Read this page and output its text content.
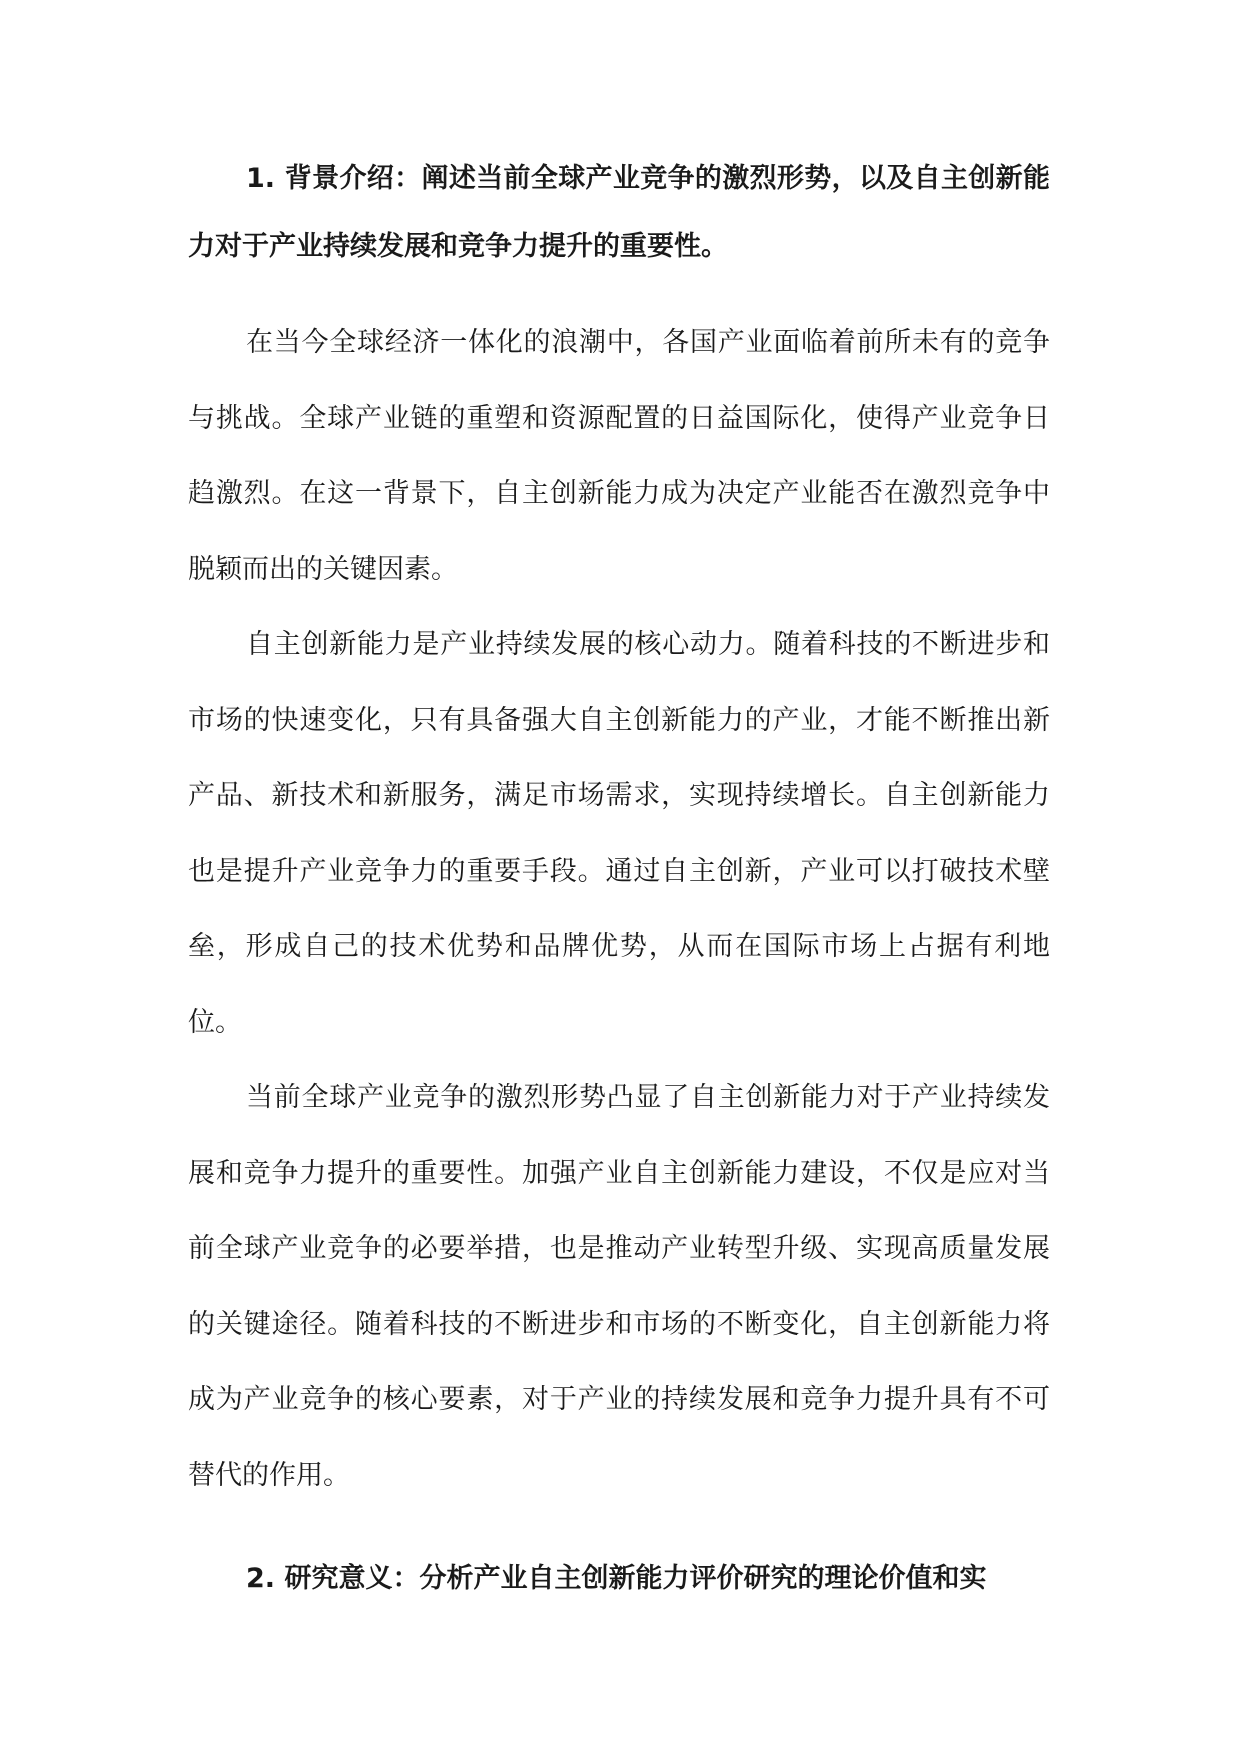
1. 背景介绍：阐述当前全球产业竞争的激烈形势，以及自主创新能力对于产业持续发展和竞争力提升的重要性。

在当今全球经济一体化的浪潮中，各国产业面临着前所未有的竞争与挑战。全球产业链的重塑和资源配置的日益国际化，使得产业竞争日趋激烈。在这一背景下，自主创新能力成为决定产业能否在激烈竞争中脱颖而出的关键因素。

自主创新能力是产业持续发展的核心动力。随着科技的不断进步和市场的快速变化，只有具备强大自主创新能力的产业，才能不断推出新产品、新技术和新服务，满足市场需求，实现持续增长。自主创新能力也是提升产业竞争力的重要手段。通过自主创新，产业可以打破技术壁垒，形成自己的技术优势和品牌优势，从而在国际市场上占据有利地位。

当前全球产业竞争的激烈形势凸显了自主创新能力对于产业持续发展和竞争力提升的重要性。加强产业自主创新能力建设，不仅是应对当前全球产业竞争的必要举措，也是推动产业转型升级、实现高质量发展的关键途径。随着科技的不断进步和市场的不断变化，自主创新能力将成为产业竞争的核心要素，对于产业的持续发展和竞争力提升具有不可替代的作用。

2. 研究意义：分析产业自主创新能力评价研究的理论价值和实
